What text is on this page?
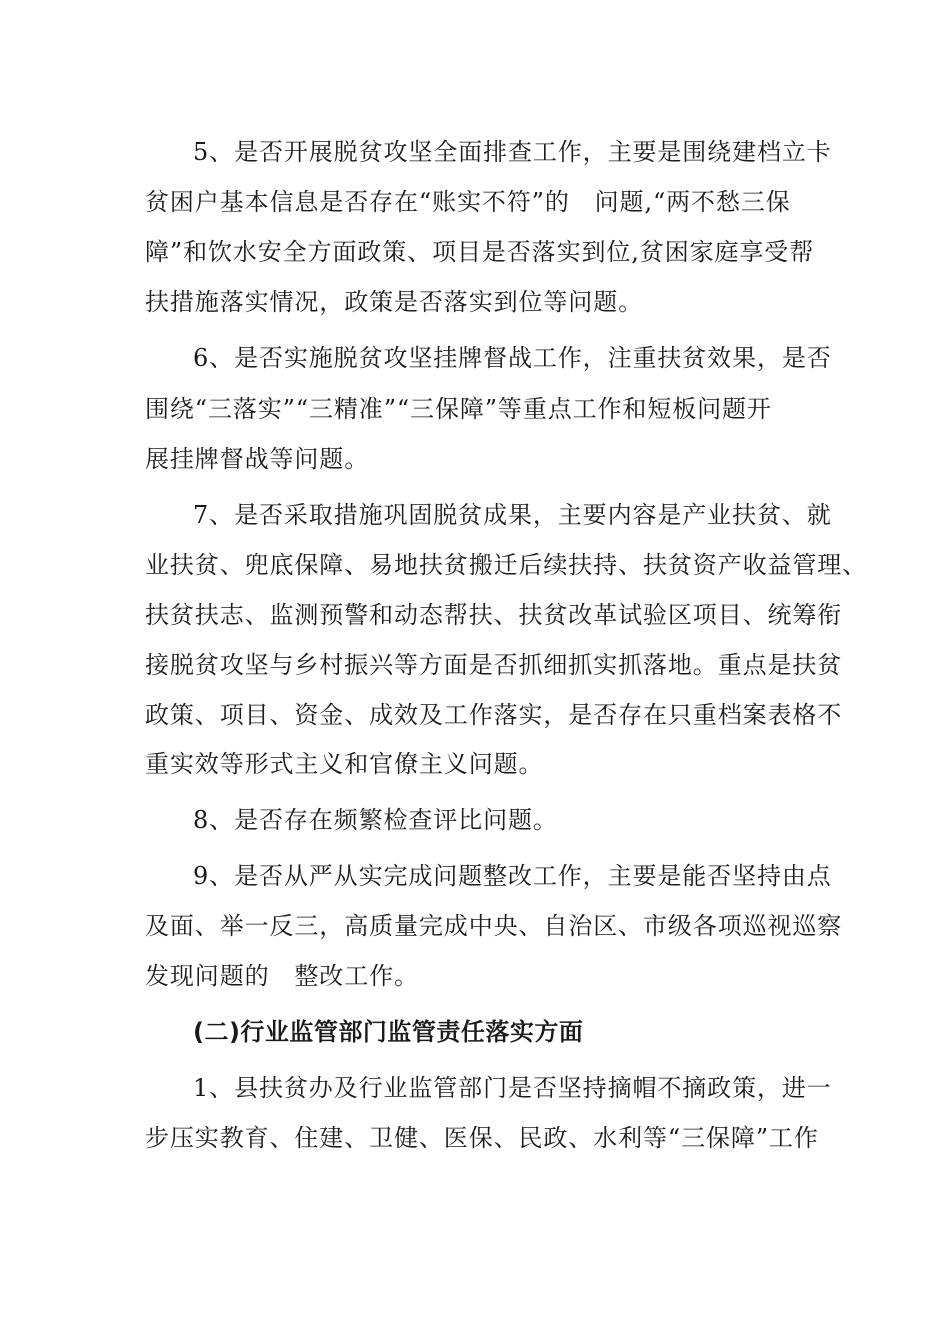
5、是否开展脱贫攻坚全面排查工作，主要是围绕建档立卡
贫困户基本信息是否存在“账实不符”的　问题,“两不愁三保
障”和饮水安全方面政策、项目是否落实到位,贫困家庭享受帮
扶措施落实情况，政策是否落实到位等问题。
6、是否实施脱贫攻坚挂牌督战工作，注重扶贫效果，是否
围绕“三落实”“三精准”“三保障”等重点工作和短板问题开
展挂牌督战等问题。
7、是否采取措施巩固脱贫成果，主要内容是产业扶贫、就
业扶贫、兜底保障、易地扶贫搬迁后续扶持、扶贫资产收益管理、
扶贫扶志、监测预警和动态帮扶、扶贫改革试验区项目、统筹衔
接脱贫攻坚与乡村振兴等方面是否抓细抓实抓落地。重点是扶贫
政策、项目、资金、成效及工作落实，是否存在只重档案表格不
重实效等形式主义和官僚主义问题。
8、是否存在频繁检查评比问题。
9、是否从严从实完成问题整改工作，主要是能否坚持由点
及面、举一反三，高质量完成中央、自治区、市级各项巡视巡察
发现问题的　整改工作。
(二)行业监管部门监管责任落实方面
1、县扶贫办及行业监管部门是否坚持摘帽不摘政策，进一
步压实教育、住建、卫健、医保、民政、水利等“三保障”工作
